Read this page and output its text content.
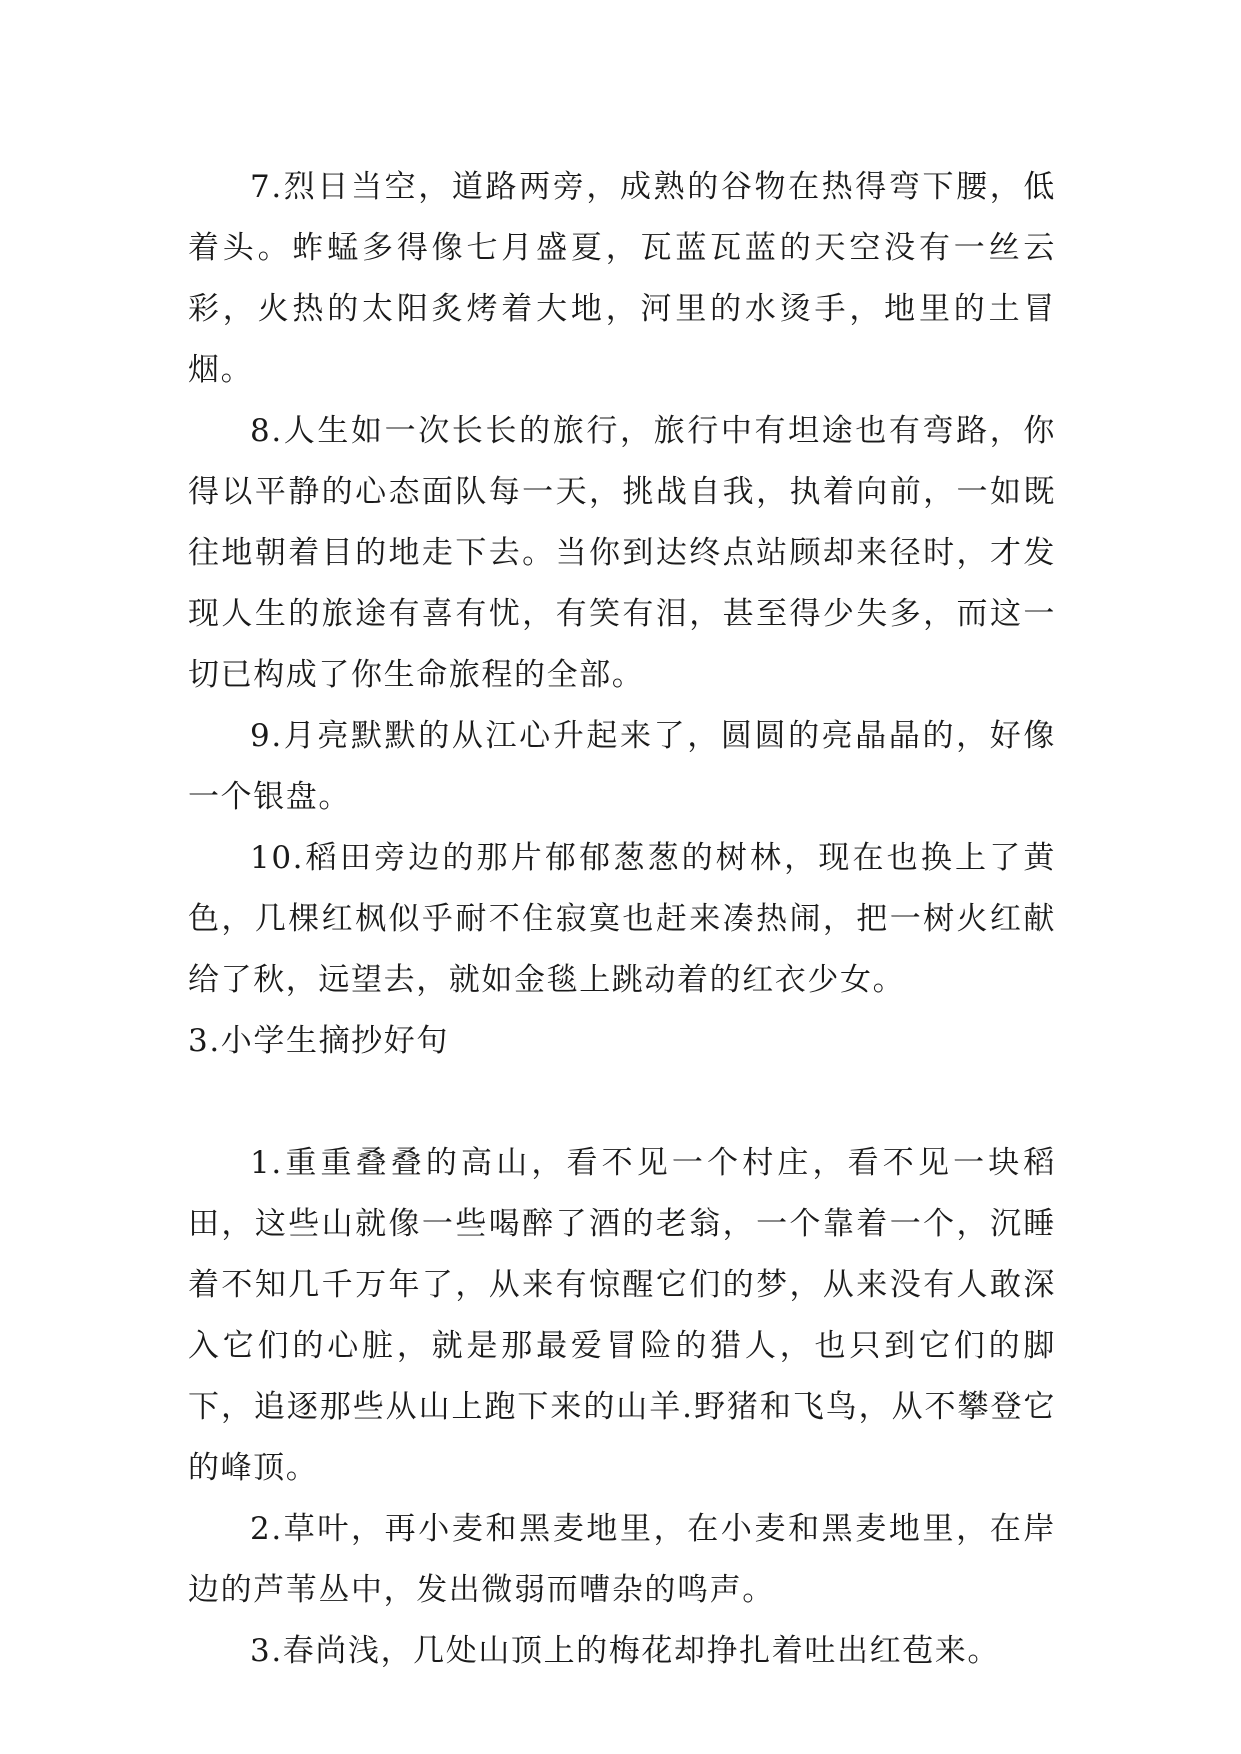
7.烈日当空，道路两旁，成熟的谷物在热得弯下腰，低着头。蚱蜢多得像七月盛夏，瓦蓝瓦蓝的天空没有一丝云彩，火热的太阳炙烤着大地，河里的水烫手，地里的土冒烟。

8.人生如一次长长的旅行，旅行中有坦途也有弯路，你得以平静的心态面队每一天，挑战自我，执着向前，一如既往地朝着目的地走下去。当你到达终点站顾却来径时，才发现人生的旅途有喜有忧，有笑有泪，甚至得少失多，而这一切已构成了你生命旅程的全部。

9.月亮默默的从江心升起来了，圆圆的亮晶晶的，好像一个银盘。

10.稻田旁边的那片郁郁葱葱的树林，现在也换上了黄色，几棵红枫似乎耐不住寂寞也赶来凑热闹，把一树火红献给了秋，远望去，就如金毯上跳动着的红衣少女。

3.小学生摘抄好句

1.重重叠叠的高山，看不见一个村庄，看不见一块稻田，这些山就像一些喝醉了酒的老翁，一个靠着一个，沉睡着不知几千万年了，从来有惊醒它们的梦，从来没有人敢深入它们的心脏，就是那最爱冒险的猎人，也只到它们的脚下，追逐那些从山上跑下来的山羊.野猪和飞鸟，从不攀登它的峰顶。

2.草叶，再小麦和黑麦地里，在小麦和黑麦地里，在岸边的芦苇丛中，发出微弱而嘈杂的鸣声。

3.春尚浅，几处山顶上的梅花却挣扎着吐出红苞来。
